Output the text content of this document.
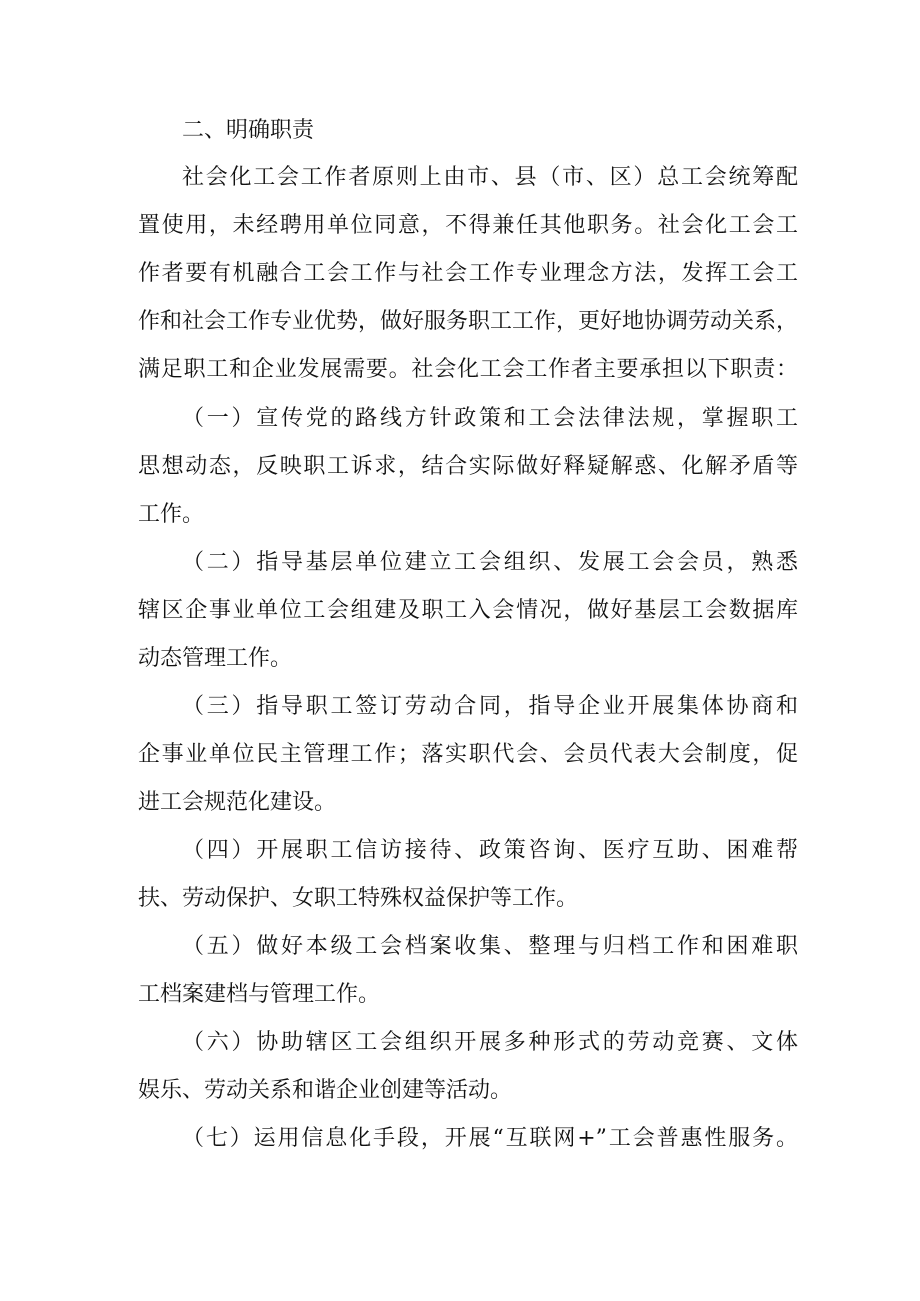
二、明确职责
社会化工会工作者原则上由市、县（市、区）总工会统筹配
置使用，未经聘用单位同意，不得兼任其他职务。社会化工会工
作者要有机融合工会工作与社会工作专业理念方法，发挥工会工
作和社会工作专业优势，做好服务职工工作，更好地协调劳动关系，
满足职工和企业发展需要。社会化工会工作者主要承担以下职责：
（一）宣传党的路线方针政策和工会法律法规，掌握职工
思想动态，反映职工诉求，结合实际做好释疑解惑、化解矛盾等
工作。
（二）指导基层单位建立工会组织、发展工会会员，熟悉
辖区企事业单位工会组建及职工入会情况，做好基层工会数据库
动态管理工作。
（三）指导职工签订劳动合同，指导企业开展集体协商和
企事业单位民主管理工作；落实职代会、会员代表大会制度，促
进工会规范化建设。
（四）开展职工信访接待、政策咨询、医疗互助、困难帮
扶、劳动保护、女职工特殊权益保护等工作。
（五）做好本级工会档案收集、整理与归档工作和困难职
工档案建档与管理工作。
（六）协助辖区工会组织开展多种形式的劳动竞赛、文体
娱乐、劳动关系和谐企业创建等活动。
（七）运用信息化手段，开展“互联网+”工会普惠性服务。
